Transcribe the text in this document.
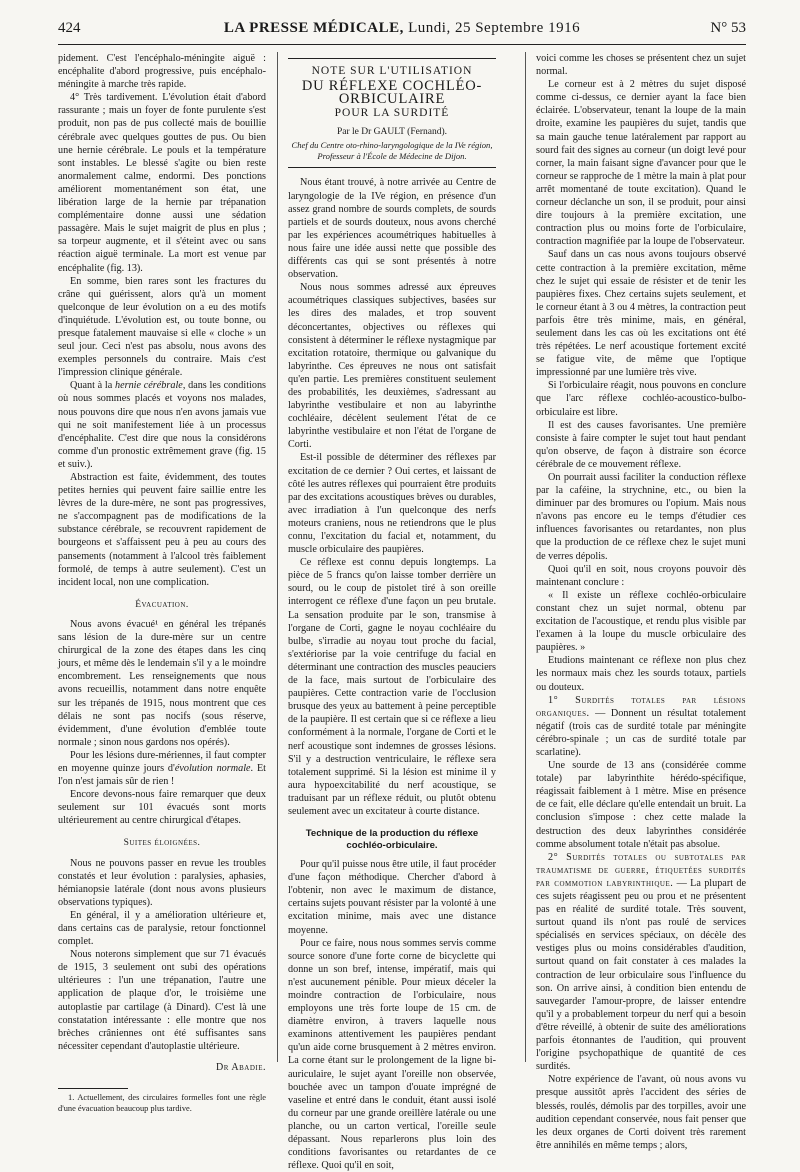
424	LA PRESSE MÉDICALE, Lundi, 25 Septembre 1916	N° 53

pidement. C'est l'encéphalo-méningite aiguë : encéphalite d'abord progressive, puis encéphalo-méningite à marche très rapide.

4° Très tardivement. L'évolution était d'abord rassurante ; mais un foyer de fonte purulente s'est produit, non pas de pus collecté mais de bouillie cérébrale avec quelques gouttes de pus. Ou bien une hernie cérébrale. Le pouls et la température sont instables. Le blessé s'agite ou bien reste anormalement calme, endormi. Des ponctions améliorent momentanément son état, une libération large de la hernie par trépanation complémentaire donne aussi une sédation passagère. Mais le sujet maigrit de plus en plus ; sa torpeur augmente, et il s'éteint avec ou sans réaction aiguë terminale. La mort est venue par encéphalite (fig. 13).

En somme, bien rares sont les fractures du crâne qui guérissent, alors qu'à un moment quelconque de leur évolution on a eu des motifs d'inquiétude. L'évolution est, ou toute bonne, ou presque fatalement mauvaise si elle « cloche » un seul jour. Ceci n'est pas absolu, nous avons des exemples personnels du contraire. Mais c'est l'impression clinique générale.

Quant à la hernie cérébrale, dans les conditions où nous sommes placés et voyons nos malades, nous pouvons dire que nous n'en avons jamais vue qui ne soit manifestement liée à un processus d'encéphalite. C'est dire que nous la considérons comme d'un pronostic extrêmement grave (fig. 15 et suiv.).

Abstraction est faite, évidemment, des toutes petites hernies qui peuvent faire saillie entre les lèvres de la dure-mère, ne sont pas progressives, ne s'accompagnent pas de modifications de la substance cérébrale, se recouvrent rapidement de bourgeons et s'affaissent peu à peu au cours des pansements (notamment à l'alcool très faiblement formolé, de temps à autre seulement). C'est un incident local, non une complication.

Évacuation.

Nous avons évacué¹ en général les trépanés sans lésion de la dure-mère sur un centre chirurgical de la zone des étapes dans les cinq jours, et même dès le lendemain s'il y a le moindre encombrement. Les renseignements que nous avons recueillis, notamment dans notre enquête sur les trépanés de 1915, nous montrent que ces délais ne sont pas nocifs (sous réserve, évidemment, d'une évolution d'emblée toute normale ; sinon nous gardons nos opérés).

Pour les lésions dure-mériennes, il faut compter en moyenne quinze jours d'évolution normale. Et l'on n'est jamais sûr de rien !

Encore devons-nous faire remarquer que deux seulement sur 101 évacués sont morts ultérieurement au centre chirurgical d'étapes.

Suites éloignées.

Nous ne pouvons passer en revue les troubles constatés et leur évolution : paralysies, aphasies, hémianopsie latérale (dont nous avons plusieurs observations typiques).

En général, il y a amélioration ultérieure et, dans certains cas de paralysie, retour fonctionnel complet.

Nous noterons simplement que sur 71 évacués de 1915, 3 seulement ont subi des opérations ultérieures : l'un une trépanation, l'autre une application de plaque d'or, le troisième une autoplastie par cartilage (à Dinard). C'est là une constatation intéressante : elle montre que nos brèches crâniennes ont été suffisantes sans nécessiter cependant d'autoplastie ultérieure.

Dr Abadie.

1. Actuellement, des circulaires formelles font une règle d'une évacuation beaucoup plus tardive.

NOTE SUR L'UTILISATION
DU RÉFLEXE COCHLÉO-ORBICULAIRE
POUR LA SURDITÉ
Par le Dr GAULT (Fernand).
Chef du Centre oto-rhino-laryngologique de la IVe région, Professeur à l'École de Médecine de Dijon.

Nous étant trouvé, à notre arrivée au Centre de laryngologie de la IVe région, en présence d'un assez grand nombre de sourds complets, de sourds partiels et de sourds douteux, nous avons cherché par les expériences acoumétriques habituelles à nous faire une idée aussi nette que possible des différents cas qui se sont présentés à notre observation.

Nous nous sommes adressé aux épreuves acoumétriques classiques subjectives, basées sur les dires des malades, et trop souvent déconcertantes, objectives ou réflexes qui consistent à déterminer le réflexe nystagmique par excitation rotatoire, thermique ou galvanique du labyrinthe. Ces épreuves ne nous ont satisfait qu'en partie. Les premières constituent seulement des probabilités, les deuxièmes, s'adressant au labyrinthe vestibulaire et non au labyrinthe cochléaire, décèlent seulement l'état de ce labyrinthe vestibulaire et non l'état de l'organe de Corti.

Est-il possible de déterminer des réflexes par excitation de ce dernier ? Oui certes, et laissant de côté les autres réflexes qui pourraient être produits par des excitations acoustiques brèves ou durables, avec irradiation à l'un quelconque des nerfs moteurs craniens, nous ne retiendrons que le plus connu, l'excitation du facial et, notamment, du muscle orbiculaire des paupières.

Ce réflexe est connu depuis longtemps. La pièce de 5 francs qu'on laisse tomber derrière un sourd, ou le coup de pistolet tiré à son oreille interrogent ce réflexe d'une façon un peu brutale. La sensation produite par le son, transmise à l'organe de Corti, gagne le noyau cochléaire du bulbe, s'irradie au noyau tout proche du facial, s'extériorise par la voie centrifuge du facial en déterminant une contraction des muscles peauciers de la face, mais surtout de l'orbiculaire des paupières. Cette contraction varie de l'occlusion brusque des yeux au battement à peine perceptible de la paupière. Il est certain que si ce réflexe a lieu conformément à la normale, l'organe de Corti et le nerf acoustique sont indemnes de grosses lésions. S'il y a destruction ventriculaire, le réflexe sera totalement supprimé. Si la lésion est minime il y aura hypoexcitabilité du nerf acoustique, se traduisant par un réflexe réduit, ou plutôt obtenu seulement avec un excitateur à courte distance.

Technique de la production du réflexe cochléo-orbiculaire.

Pour qu'il puisse nous être utile, il faut procéder d'une façon méthodique. Chercher d'abord à l'obtenir, non avec le maximum de distance, certains sujets pouvant résister par la volonté à une excitation minime, mais avec une distance moyenne.

Pour ce faire, nous nous sommes servis comme source sonore d'une forte corne de bicyclette qui donne un son bref, intense, impératif, mais qui n'est aucunement pénible. Pour mieux déceler la moindre contraction de l'orbiculaire, nous employons une très forte loupe de 15 cm. de diamètre environ, à travers laquelle nous examinons attentivement les paupières pendant qu'un aide corne brusquement à 2 mètres environ. La corne étant sur le prolongement de la ligne bi-auriculaire, le sujet ayant l'oreille non observée, bouchée avec un tampon d'ouate imprégné de vaseline et entré dans le conduit, étant aussi isolé du corneur par une grande oreillère latérale ou une planche, ou un carton vertical, l'oreille seule dépassant. Nous reparlerons plus loin des conditions favorisantes ou retardantes de ce réflexe. Quoi qu'il en soit,

voici comme les choses se présentent chez un sujet normal.

Le corneur est à 2 mètres du sujet disposé comme ci-dessus, ce dernier ayant la face bien éclairée. L'observateur, tenant la loupe de la main droite, examine les paupières du sujet, tandis que sa main gauche tenue latéralement par rapport au sourd fait des signes au corneur (un doigt levé pour corner, la main faisant signe d'avancer pour que le corneur se rapproche de 1 mètre la main à plat pour arrêt momentané de toute excitation). Quand le corneur déclanche un son, il se produit, pour ainsi dire toujours à la première excitation, une contraction plus ou moins forte de l'orbiculaire, contraction magnifiée par la loupe de l'observateur.

Sauf dans un cas nous avons toujours observé cette contraction à la première excitation, même chez le sujet qui essaie de résister et de tenir les paupières fixes. Chez certains sujets seulement, et le corneur étant à 3 ou 4 mètres, la contraction peut parfois être très minime, mais, en général, seulement dans les cas où les excitations ont été très répétées. Le nerf acoustique fortement excité se fatigue vite, de même que l'optique impressionné par une lumière très vive.

Si l'orbiculaire réagit, nous pouvons en conclure que l'arc réflexe cochléo-acoustico-bulbo-orbiculaire est libre.

Il est des causes favorisantes. Une première consiste à faire compter le sujet tout haut pendant qu'on observe, de façon à distraire son écorce cérébrale de ce mouvement réflexe.

On pourrait aussi faciliter la conduction réflexe par la caféine, la strychnine, etc., ou bien la diminuer par des bromures ou l'opium. Mais nous n'avons pas encore eu le temps d'étudier ces influences favorisantes ou retardantes, non plus que la production de ce réflexe chez le sujet muni de verres dépolis.

Quoi qu'il en soit, nous croyons pouvoir dès maintenant conclure :

« Il existe un réflexe cochléo-orbiculaire constant chez un sujet normal, obtenu par excitation de l'acoustique, et rendu plus visible par l'examen à la loupe du muscle orbiculaire des paupières. »

Etudions maintenant ce réflexe non plus chez les normaux mais chez les sourds totaux, partiels ou douteux.

1° Surdités totales par lésions organiques. — Donnent un résultat totalement négatif (trois cas de surdité totale par méningite cérébro-spinale ; un cas de surdité totale par scarlatine).

Une sourde de 13 ans (considérée comme totale) par labyrinthite hérédo-spécifique, réagissait faiblement à 1 mètre. Mise en présence de ce fait, elle déclare qu'elle entendait un bruit. La conclusion s'impose : chez cette malade la destruction des deux labyrinthes considérée comme absolument totale n'était pas absolue.

2° Surdités totales ou subtotales par traumatisme de guerre, étiquetées surdités par commotion labyrinthique. — La plupart de ces sujets réagissent peu ou prou et ne présentent pas en réalité de surdité totale. Très souvent, surtout quand ils n'ont pas roulé de services spécialisés en services spéciaux, on décèle des vestiges plus ou moins considérables d'audition, surtout quand on fait constater à ces malades la contraction de leur orbiculaire sous l'influence du son. On arrive ainsi, à condition bien entendu de sauvegarder l'amour-propre, de laisser entendre qu'il y a probablement torpeur du nerf qui a besoin d'être réveillé, à obtenir de suite des améliorations parfois étonnantes de l'audition, qui prouvent l'origine psychopathique de quantité de ces surdités.

Notre expérience de l'avant, où nous avons vu presque aussitôt après l'accident des séries de blessés, roulés, démolis par des torpilles, avoir une audition cependant conservée, nous fait penser que les deux organes de Corti doivent très rarement être annihilés en même temps ; alors,
